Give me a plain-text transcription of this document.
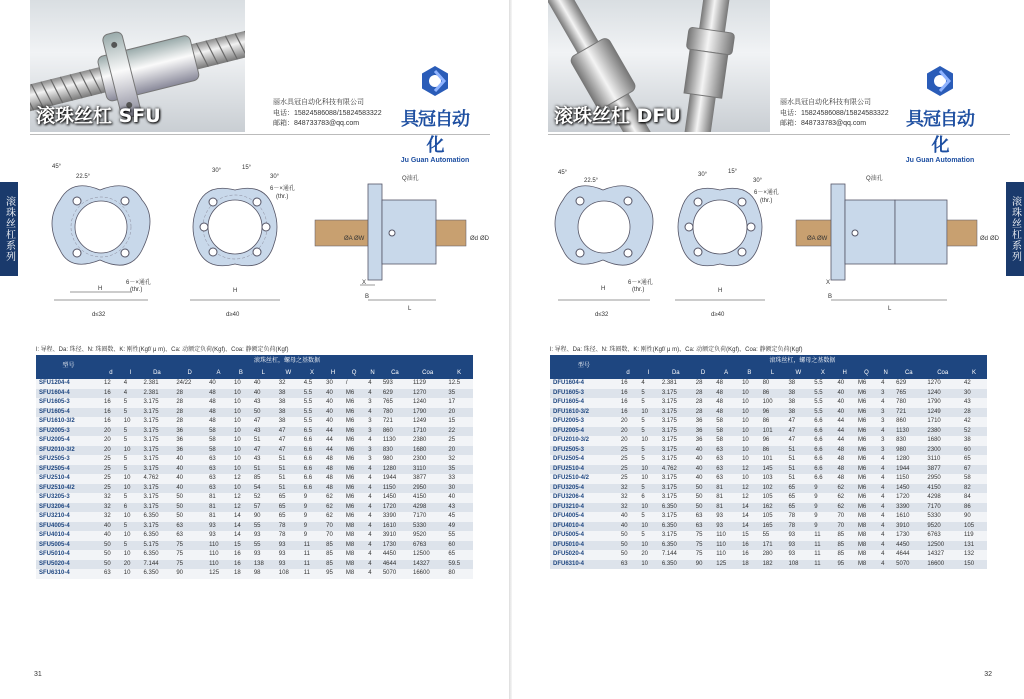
滚珠丝杠 SFU
丽水具冠自动化科技有限公司
电话：15824586088/15824583322
邮箱：848733783@qq.com	具冠自动化
Ju Guan Automation
滚珠丝杠系列
45°
22.5°
H
d≤32
30°	15°
30°
6－×通孔
(thr.)
6－×通孔
(thr.)	H
d≥40
Q油孔
ØA ØW	Ød ØD
B
L
X
l: 导程、Da: 珠径、N: 珠圈数、K: 刚性(Kgf/ μ m)、Ca: 动额定负荷(Kgf)、Coa: 静额定负荷(Kgf)
型号	滚珠丝杠，螺母之基数据														
	d	I	Da	D	A	B	L	W	X	H	Q	N	Ca	Coa	K
SFU1204-4	12	4	2.381	24/22	40	10	40	32	4.5	30	/	4	593	1129	12.5
SFU1604-4	16	4	2.381	28	48	10	40	38	5.5	40	M6	4	629	1270	35
SFU1605-3	16	5	3.175	28	48	10	43	38	5.5	40	M6	3	765	1240	17
SFU1605-4	16	5	3.175	28	48	10	50	38	5.5	40	M6	4	780	1790	20
SFU1610-3/2	16	10	3.175	28	48	10	47	38	5.5	40	M6	3	721	1249	15
SFU2005-3	20	5	3.175	36	58	10	43	47	6.5	44	M6	3	860	1710	22
SFU2005-4	20	5	3.175	36	58	10	51	47	6.6	44	M6	4	1130	2380	25
SFU2010-3/2	20	10	3.175	36	58	10	47	47	6.6	44	M6	3	830	1680	20
SFU2505-3	25	5	3.175	40	63	10	43	51	6.6	48	M6	3	980	2300	32
SFU2505-4	25	5	3.175	40	63	10	51	51	6.6	48	M6	4	1280	3110	35
SFU2510-4	25	10	4.762	40	63	12	85	51	6.6	48	M6	4	1944	3877	33
SFU2510-4/2	25	10	3.175	40	63	10	54	51	6.6	48	M6	4	1150	2950	30
SFU3205-3	32	5	3.175	50	81	12	52	65	9	62	M6	4	1450	4150	40
SFU3206-4	32	6	3.175	50	81	12	57	65	9	62	M6	4	1720	4298	43
SFU3210-4	32	10	6.350	50	81	14	90	65	9	62	M6	4	3390	7170	45
SFU4005-4	40	5	3.175	63	93	14	55	78	9	70	M8	4	1610	5330	49
SFU4010-4	40	10	6.350	63	93	14	93	78	9	70	M8	4	3910	9520	55
SFU5005-4	50	5	5.175	75	110	15	55	93	11	85	M8	4	1730	6763	60
SFU5010-4	50	10	6.350	75	110	16	93	93	11	85	M8	4	4450	12500	65
SFU5020-4	50	20	7.144	75	110	16	138	93	11	85	M8	4	4644	14327	59.5
SFU6310-4	63	10	6.350	90	125	18	98	108	11	95	M8	4	5070	16600	80
31
滚珠丝杠 DFU
丽水具冠自动化科技有限公司
电话：15824586088/15824583322
邮箱：848733783@qq.com	具冠自动化
Ju Guan Automation
滚珠丝杠系列
45°
22.5°
H
d≤32
30°	15°
30°
6－×通孔
(thr.)
6－×通孔
(thr.)	H
d≥40
Q油孔
ØA ØW	Ød ØD
B
L
X
l: 导程、Da: 珠径、N: 珠圈数、K: 刚性(Kgf/ μ m)、Ca: 动额定负荷(Kgf)、Coa: 静额定负荷(Kgf)
型号	滚珠丝杠，螺母之基数据														
	d	I	Da	D	A	B	L	W	X	H	Q	N	Ca	Coa	K
DFU1604-4	16	4	2.381	28	48	10	80	38	5.5	40	M6	4	629	1270	42
DFU1605-3	16	5	3.175	28	48	10	86	38	5.5	40	M6	3	765	1240	30
DFU1605-4	16	5	3.175	28	48	10	100	38	5.5	40	M6	4	780	1790	43
DFU1610-3/2	16	10	3.175	28	48	10	96	38	5.5	40	M6	3	721	1249	28
DFU2005-3	20	5	3.175	36	58	10	86	47	6.6	44	M6	3	860	1710	42
DFU2005-4	20	5	3.175	36	58	10	101	47	6.6	44	M6	4	1130	2380	52
DFU2010-3/2	20	10	3.175	36	58	10	96	47	6.6	44	M6	3	830	1680	38
DFU2505-3	25	5	3.175	40	63	10	86	51	6.6	48	M6	3	980	2300	60
DFU2505-4	25	5	3.175	40	63	10	101	51	6.6	48	M6	4	1280	3110	65
DFU2510-4	25	10	4.762	40	63	12	145	51	6.6	48	M6	4	1944	3877	67
DFU2510-4/2	25	10	3.175	40	63	10	103	51	6.6	48	M6	4	1150	2950	58
DFU3205-4	32	5	3.175	50	81	12	102	65	9	62	M6	4	1450	4150	82
DFU3206-4	32	6	3.175	50	81	12	105	65	9	62	M6	4	1720	4298	84
DFU3210-4	32	10	6.350	50	81	14	162	65	9	62	M6	4	3390	7170	86
DFU4005-4	40	5	3.175	63	93	14	105	78	9	70	M8	4	1610	5330	90
DFU4010-4	40	10	6.350	63	93	14	165	78	9	70	M8	4	3910	9520	105
DFU5005-4	50	5	3.175	75	110	15	55	93	11	85	M8	4	1730	6763	119
DFU5010-4	50	10	6.350	75	110	16	171	93	11	85	M8	4	4450	12500	131
DFU5020-4	50	20	7.144	75	110	16	280	93	11	85	M8	4	4644	14327	132
DFU6310-4	63	10	6.350	90	125	18	182	108	11	95	M8	4	5070	16600	150
32
